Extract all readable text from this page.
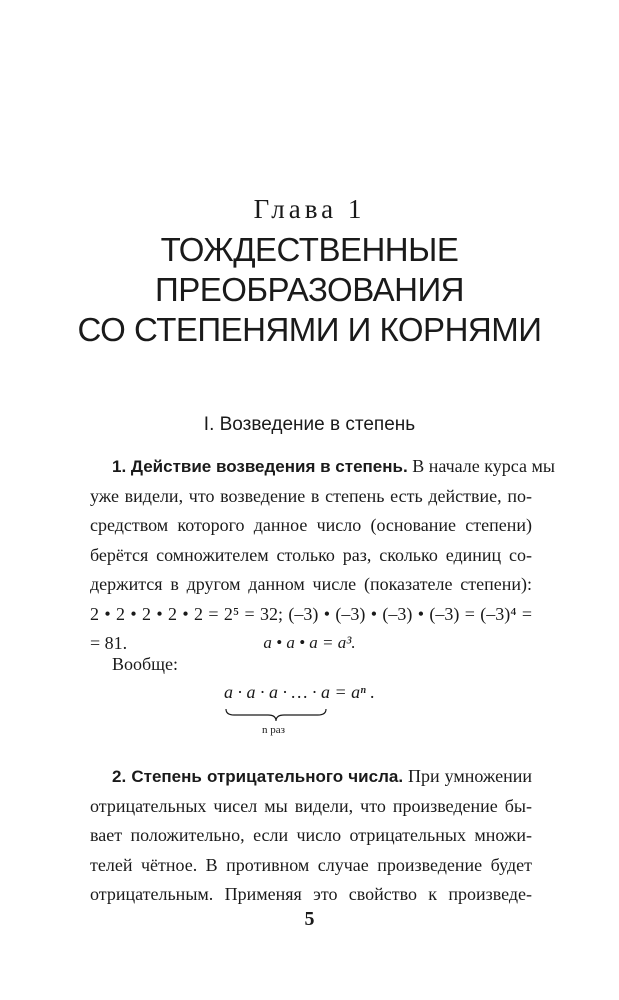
Глава 1
ТОЖДЕСТВЕННЫЕ
ПРЕОБРАЗОВАНИЯ
СО СТЕПЕНЯМИ И КОРНЯМИ
I. Возведение в степень
1. Действие возведения в степень. В начале курса мы
уже видели, что возведение в степень есть действие, по-
средством которого данное число (основание степени)
берётся сомножителем столько раз, сколько единиц со-
держится в другом данном числе (показателе степени):
2 • 2 • 2 • 2 • 2 = 2⁵ = 32; (–3) • (–3) • (–3) • (–3) = (–3)⁴ =
= 81.	a • a • a = a³.
Вообще:
a · a · a · … · a = aⁿ .
n раз
2. Степень отрицательного числа. При умножении
отрицательных чисел мы видели, что произведение бы-
вает положительно, если число отрицательных множи-
телей чётное. В противном случае произведение будет
отрицательным. Применяя это свойство к произведе-
5
